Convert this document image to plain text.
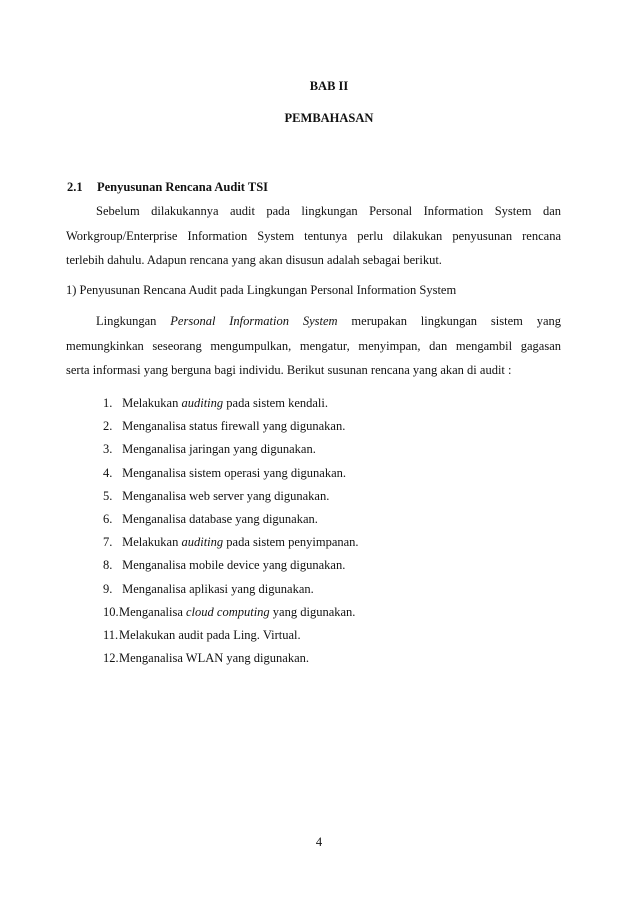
BAB II
PEMBAHASAN
2.1 Penyusunan Rencana Audit TSI
Sebelum dilakukannya audit pada lingkungan Personal Information System dan
Workgroup/Enterprise Information System tentunya perlu dilakukan penyusunan rencana
terlebih dahulu. Adapun rencana yang akan disusun adalah sebagai berikut.
1) Penyusunan Rencana Audit pada Lingkungan Personal Information System
Lingkungan Personal Information System merupakan lingkungan sistem yang
memungkinkan seseorang mengumpulkan, mengatur, menyimpan, dan mengambil gagasan
serta informasi yang berguna bagi individu. Berikut susunan rencana yang akan di audit :
1. Melakukan auditing pada sistem kendali.
2. Menganalisa status firewall yang digunakan.
3. Menganalisa jaringan yang digunakan.
4. Menganalisa sistem operasi yang digunakan.
5. Menganalisa web server yang digunakan.
6. Menganalisa database yang digunakan.
7. Melakukan auditing pada sistem penyimpanan.
8. Menganalisa mobile device yang digunakan.
9. Menganalisa aplikasi yang digunakan.
10.Menganalisa cloud computing yang digunakan.
11.Melakukan audit pada Ling. Virtual.
12.Menganalisa WLAN yang digunakan.
4
